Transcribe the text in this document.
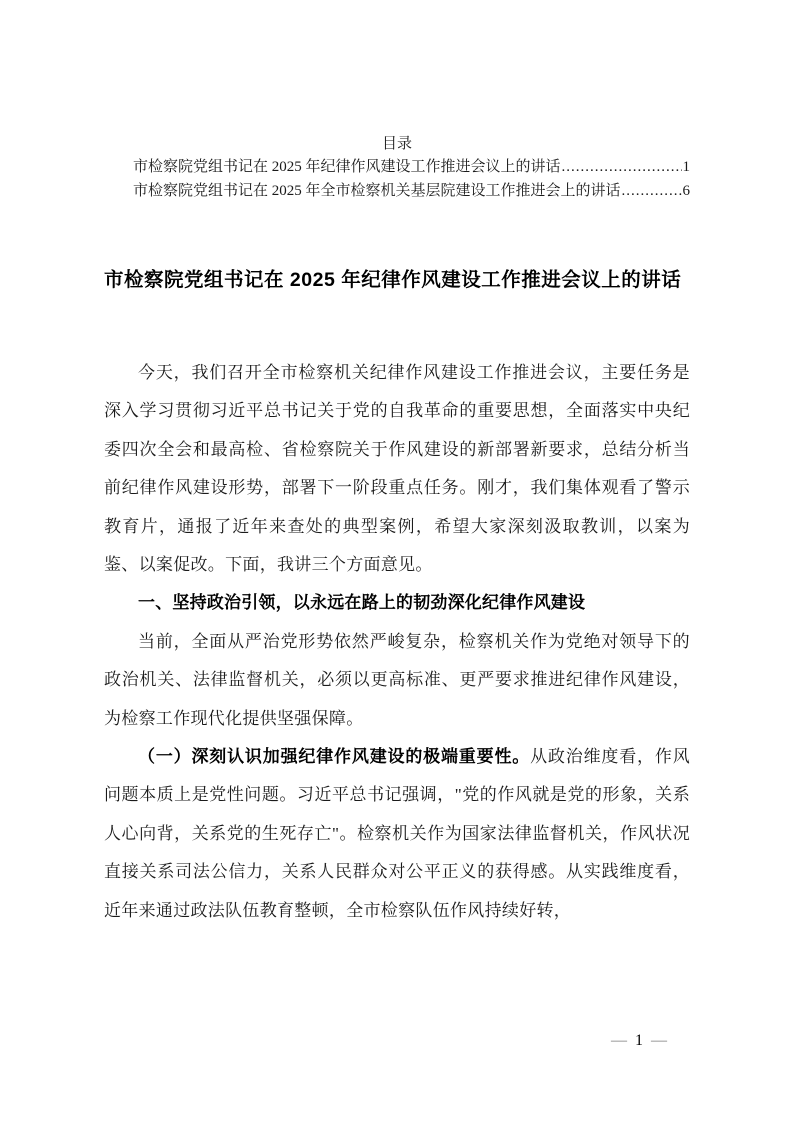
目录
市检察院党组书记在 2025 年纪律作风建设工作推进会议上的讲话 .....	1
市检察院党组书记在 2025 年全市检察机关基层院建设工作推进会上的讲话 .....	6
市检察院党组书记在 2025 年纪律作风建设工作推进会议上的讲话

今天，我们召开全市检察机关纪律作风建设工作推进会议，主要任务是深入学习贯彻习近平总书记关于党的自我革命的重要思想，全面落实中央纪委四次全会和最高检、省检察院关于作风建设的新部署新要求，总结分析当前纪律作风建设形势，部署下一阶段重点任务。刚才，我们集体观看了警示教育片，通报了近年来查处的典型案例，希望大家深刻汲取教训，以案为鉴、以案促改。下面，我讲三个方面意见。

一、坚持政治引领，以永远在路上的韧劲深化纪律作风建设

当前，全面从严治党形势依然严峻复杂，检察机关作为党绝对领导下的政治机关、法律监督机关，必须以更高标准、更严要求推进纪律作风建设，为检察工作现代化提供坚强保障。

（一）深刻认识加强纪律作风建设的极端重要性。从政治维度看，作风问题本质上是党性问题。习近平总书记强调，"党的作风就是党的形象，关系人心向背，关系党的生死存亡"。检察机关作为国家法律监督机关，作风状况直接关系司法公信力，关系人民群众对公平正义的获得感。从实践维度看，近年来通过政法队伍教育整顿，全市检察队伍作风持续好转，

— 1 —
